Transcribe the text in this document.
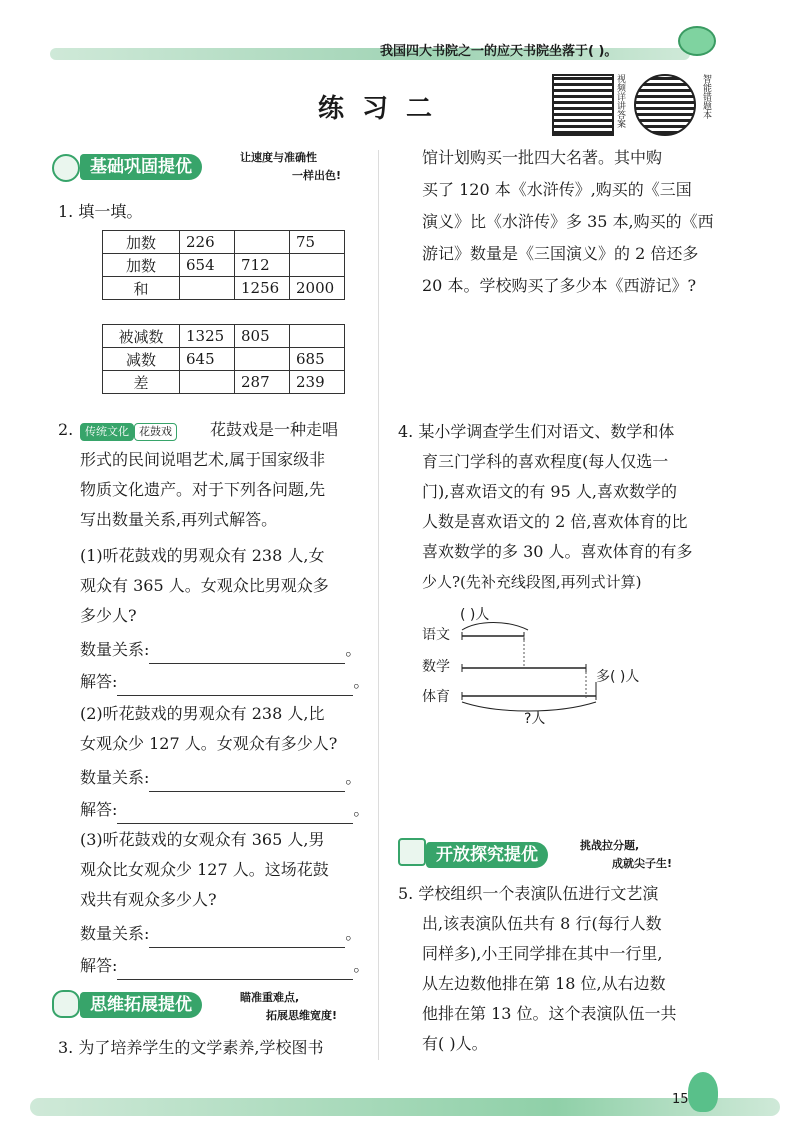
我国四大书院之一的应天书院坐落于( )。
练习二	视频详讲答案	智能错题本
基础巩固提优	让速度与准确性
一样出色!
1. 填一填。
加数	226		75
加数	654	712	
和		1256	2000
被减数	1325	805	
减数	645		685
差		287	239
2.	传统文化 花鼓戏	花鼓戏是一种走唱
形式的民间说唱艺术,属于国家级非
物质文化遗产。对于下列各问题,先
写出数量关系,再列式解答。
(1)听花鼓戏的男观众有 238 人,女
观众有 365 人。女观众比男观众多
多少人?
数量关系:	。
解答:	。
(2)听花鼓戏的男观众有 238 人,比
女观众少 127 人。女观众有多少人?
数量关系:	。
解答:	。
(3)听花鼓戏的女观众有 365 人,男
观众比女观众少 127 人。这场花鼓
戏共有观众多少人?
数量关系:	。
解答:	。
思维拓展提优	瞄准重难点,
拓展思维宽度!
3. 为了培养学生的文学素养,学校图书
馆计划购买一批四大名著。其中购
买了 120 本《水浒传》,购买的《三国
演义》比《水浒传》多 35 本,购买的《西
游记》数量是《三国演义》的 2 倍还多
20 本。学校购买了多少本《西游记》?
4. 某小学调查学生们对语文、数学和体
育三门学科的喜欢程度(每人仅选一
门),喜欢语文的有 95 人,喜欢数学的
人数是喜欢语文的 2 倍,喜欢体育的比
喜欢数学的多 30 人。喜欢体育的有多
少人?(先补充线段图,再列式计算)
( )人
语文
数学
体育
多( )人
?人
开放探究提优	挑战拉分题,
成就尖子生!
5. 学校组织一个表演队伍进行文艺演
出,该表演队伍共有 8 行(每行人数
同样多),小王同学排在其中一行里,
从左边数他排在第 18 位,从右边数
他排在第 13 位。这个表演队伍一共
有( )人。
15
